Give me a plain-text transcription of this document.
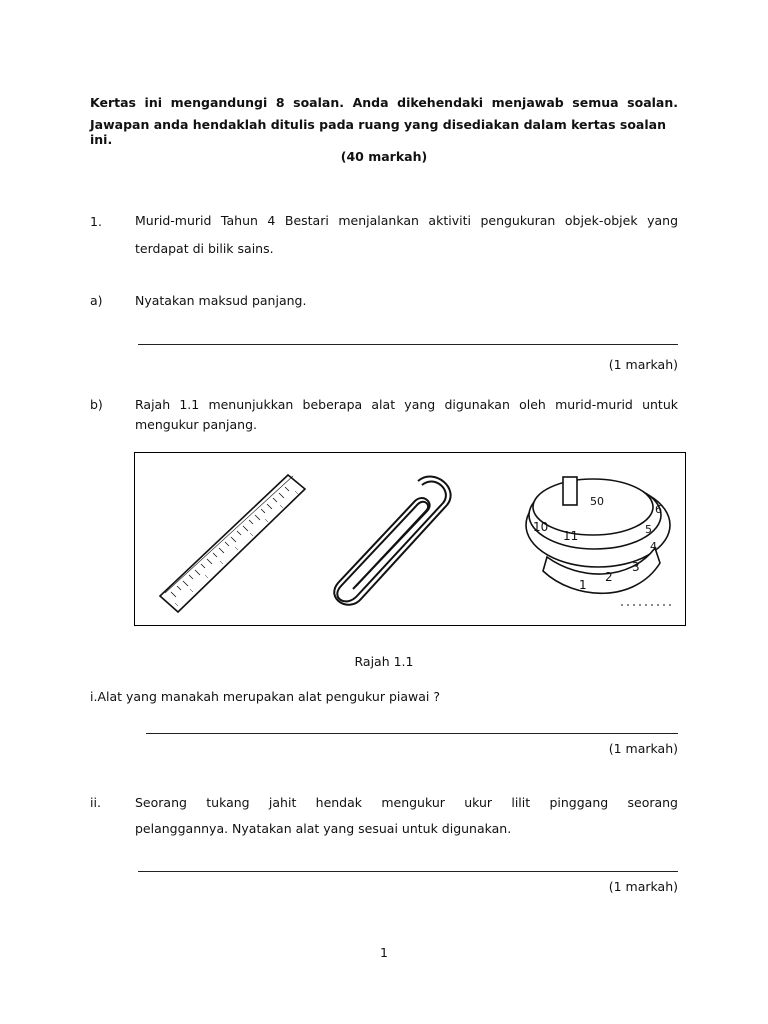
Kertas ini mengandungi 8 soalan. Anda dikehendaki menjawab semua soalan.
Jawapan anda hendaklah ditulis pada ruang yang disediakan dalam kertas soalan ini.
(40 markah)
1.	Murid-murid Tahun 4 Bestari menjalankan aktiviti pengukuran objek-objek yang
terdapat di bilik sains.
a)	Nyatakan maksud panjang.
(1 markah)
b)	Rajah 1.1 menunjukkan beberapa alat yang digunakan oleh murid-murid untuk
mengukur panjang.
50
10
11
6
5
4
3
2
1
Rajah 1.1
i.Alat yang manakah merupakan alat pengukur piawai ?
(1 markah)
ii.	Seorang tukang jahit hendak mengukur ukur lilit pinggang seorang
pelanggannya. Nyatakan alat yang sesuai untuk digunakan.
(1 markah)
1
